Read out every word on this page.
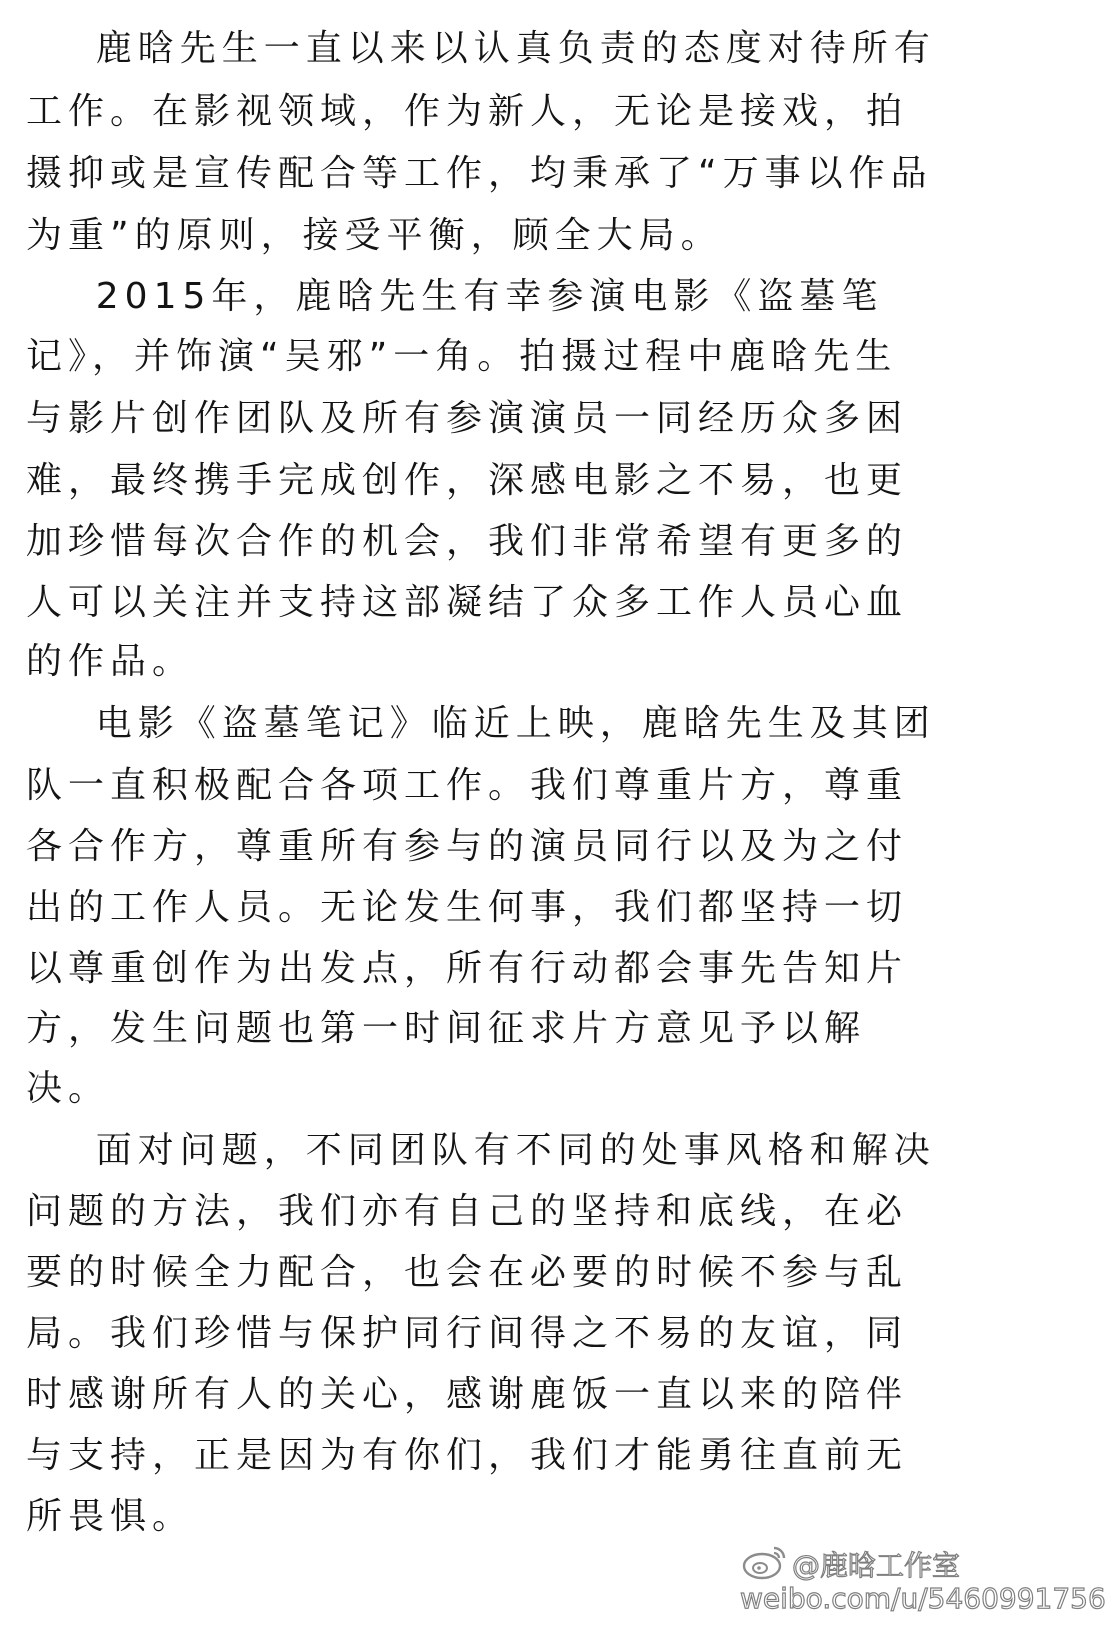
鹿晗先生一直以来以认真负责的态度对待所有
工作。在影视领域，作为新人，无论是接戏，拍
摄抑或是宣传配合等工作，均秉承了“万事以作品
为重”的原则，接受平衡，顾全大局。
2015年，鹿晗先生有幸参演电影《盗墓笔
记》，并饰演“吴邪”一角。拍摄过程中鹿晗先生
与影片创作团队及所有参演演员一同经历众多困
难，最终携手完成创作，深感电影之不易，也更
加珍惜每次合作的机会，我们非常希望有更多的
人可以关注并支持这部凝结了众多工作人员心血
的作品。
电影《盗墓笔记》临近上映，鹿晗先生及其团
队一直积极配合各项工作。我们尊重片方，尊重
各合作方，尊重所有参与的演员同行以及为之付
出的工作人员。无论发生何事，我们都坚持一切
以尊重创作为出发点，所有行动都会事先告知片
方，发生问题也第一时间征求片方意见予以解
决。
面对问题，不同团队有不同的处事风格和解决
问题的方法，我们亦有自己的坚持和底线，在必
要的时候全力配合，也会在必要的时候不参与乱
局。我们珍惜与保护同行间得之不易的友谊，同
时感谢所有人的关心，感谢鹿饭一直以来的陪伴
与支持，正是因为有你们，我们才能勇往直前无
所畏惧。
@鹿晗工作室
weibo.com/u/5460991756
